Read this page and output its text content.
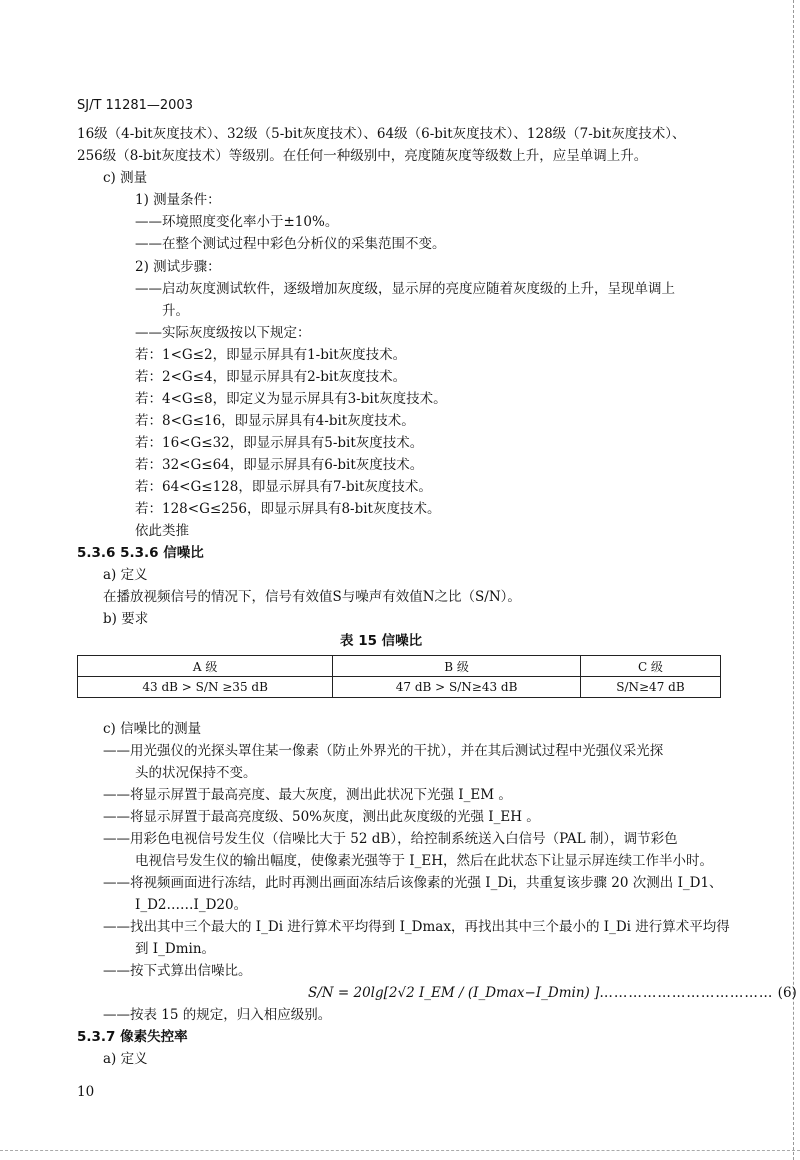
SJ/T 11281—2003
16级（4-bit灰度技术）、32级（5-bit灰度技术）、64级（6-bit灰度技术）、128级（7-bit灰度技术）、
256级（8-bit灰度技术）等级别。在任何一种级别中，亮度随灰度等级数上升，应呈单调上升。
c) 测量
1) 测量条件：
——环境照度变化率小于±10%。
——在整个测试过程中彩色分析仪的采集范围不变。
2) 测试步骤：
——启动灰度测试软件，逐级增加灰度级，显示屏的亮度应随着灰度级的上升，呈现单调上
升。
——实际灰度级按以下规定：
若：1<G≤2，即显示屏具有1-bit灰度技术。
若：2<G≤4，即显示屏具有2-bit灰度技术。
若：4<G≤8，即定义为显示屏具有3-bit灰度技术。
若：8<G≤16，即显示屏具有4-bit灰度技术。
若：16<G≤32，即显示屏具有5-bit灰度技术。
若：32<G≤64，即显示屏具有6-bit灰度技术。
若：64<G≤128，即显示屏具有7-bit灰度技术。
若：128<G≤256，即显示屏具有8-bit灰度技术。
依此类推
5.3.6 5.3.6 信噪比
a) 定义
在播放视频信号的情况下，信号有效值S与噪声有效值N之比（S/N）。
b) 要求
c) 信噪比的测量
——用光强仪的光探头罩住某一像素（防止外界光的干扰），并在其后测试过程中光强仪采光探
头的状况保持不变。
——将显示屏置于最高亮度、最大灰度，测出此状况下光强 I_EM 。
——将显示屏置于最高亮度级、50%灰度，测出此灰度级的光强 I_EH 。
——用彩色电视信号发生仪（信噪比大于 52 dB），给控制系统送入白信号（PAL 制），调节彩色
电视信号发生仪的输出幅度，使像素光强等于 I_EH，然后在此状态下让显示屏连续工作半小时。
——将视频画面进行冻结，此时再测出画面冻结后该像素的光强 I_Di，共重复该步骤 20 次测出 I_D1、
I_D2……I_D20。
——找出其中三个最大的 I_Di 进行算术平均得到 I_Dmax，再找出其中三个最小的 I_Di 进行算术平均得
到 I_Dmin。
——按下式算出信噪比。
——按表 15 的规定，归入相应级别。
5.3.7 像素失控率
a) 定义
表 15 信噪比
A 级	B 级	C 级
43 dB > S/N ≥35 dB	47 dB > S/N≥43 dB	S/N≥47 dB
S/N = 20lg[2√2 I_EM / (I_Dmax−I_Dmin) ]……………………………… (6)
10
